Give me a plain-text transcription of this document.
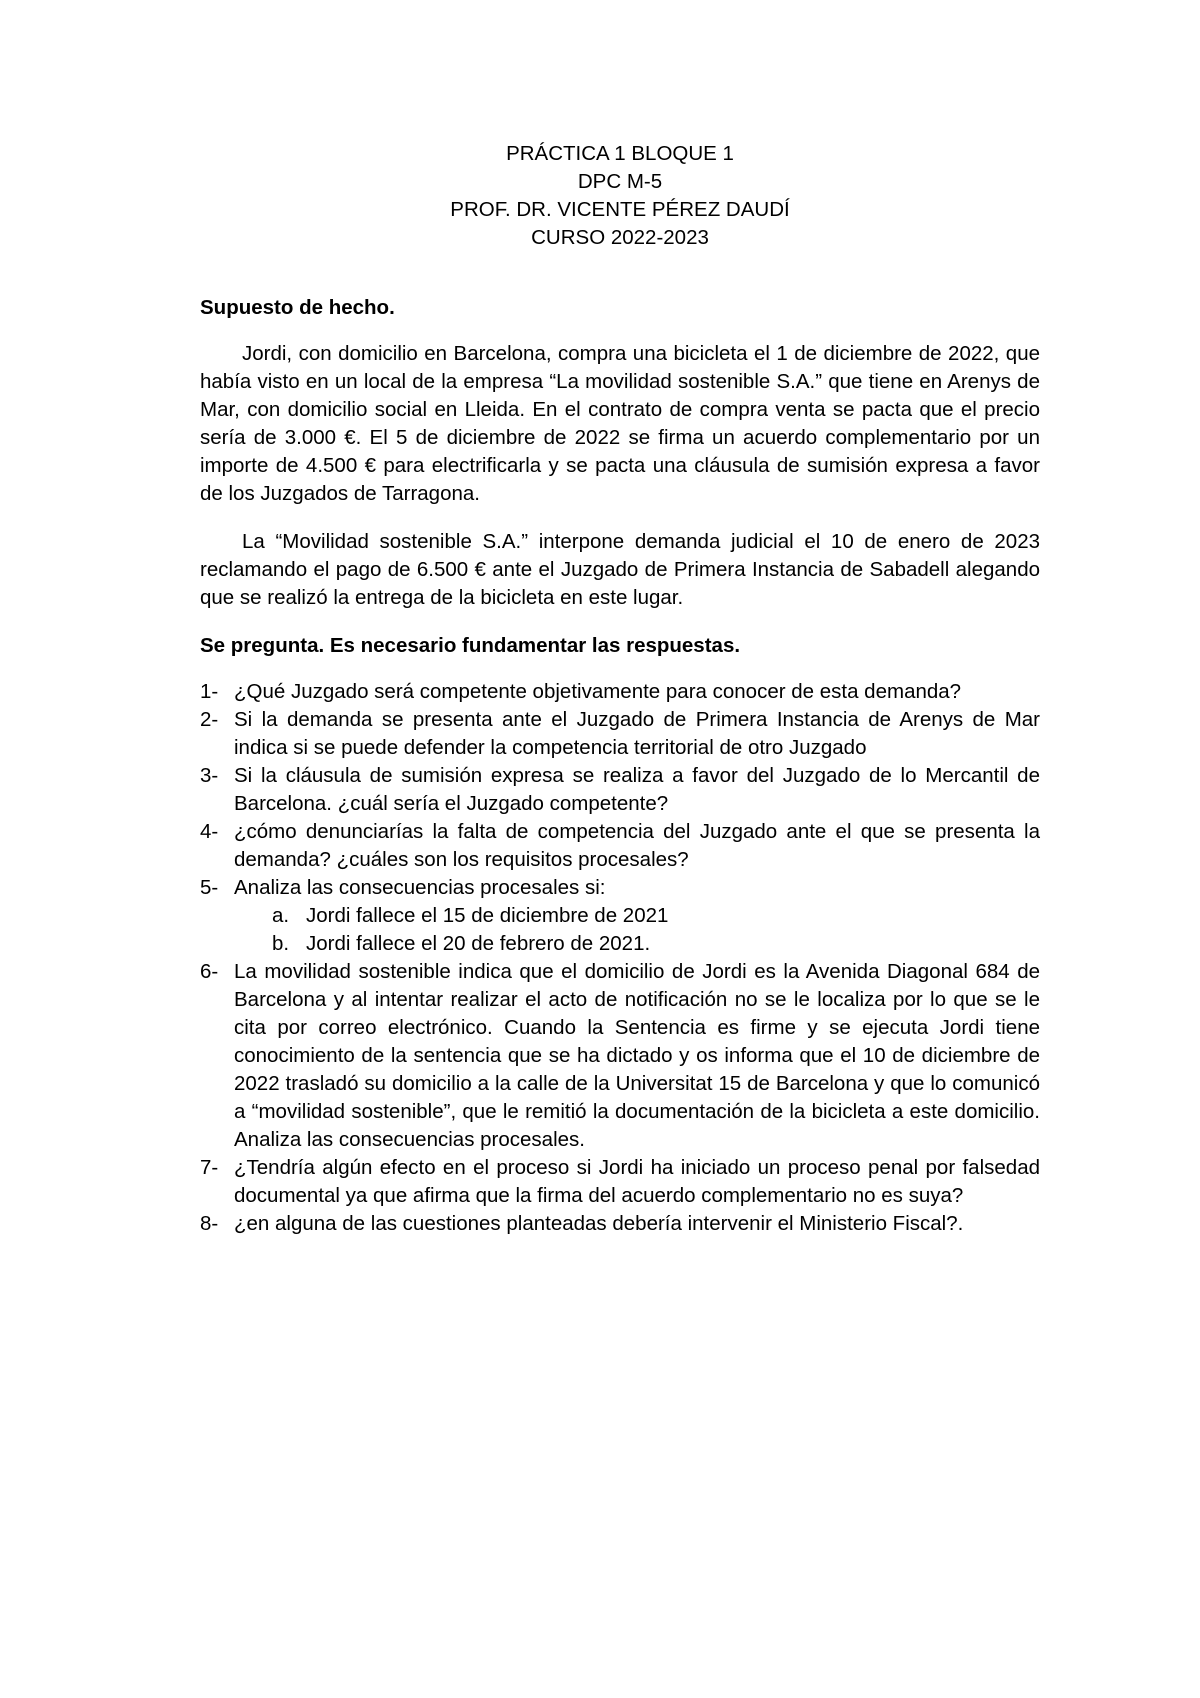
PRÁCTICA 1 BLOQUE 1
DPC M-5
PROF. DR. VICENTE PÉREZ DAUDÍ
CURSO 2022-2023

Supuesto de hecho.

Jordi, con domicilio en Barcelona, compra una bicicleta el 1 de diciembre de 2022, que había visto en un local de la empresa “La movilidad sostenible S.A.” que tiene en Arenys de Mar, con domicilio social en Lleida. En el contrato de compra venta se pacta que el precio sería de 3.000 €. El 5 de diciembre de 2022 se firma un acuerdo complementario por un importe de 4.500 € para electrificarla y se pacta una cláusula de sumisión expresa a favor de los Juzgados de Tarragona.

La “Movilidad sostenible S.A.” interpone demanda judicial el 10 de enero de 2023 reclamando el pago de 6.500 € ante el Juzgado de Primera Instancia de Sabadell alegando que se realizó la entrega de la bicicleta en este lugar.

Se pregunta. Es necesario fundamentar las respuestas.

1- ¿Qué Juzgado será competente objetivamente para conocer de esta demanda?
2- Si la demanda se presenta ante el Juzgado de Primera Instancia de Arenys de Mar indica si se puede defender la competencia territorial de otro Juzgado
3- Si la cláusula de sumisión expresa se realiza a favor del Juzgado de lo Mercantil de Barcelona. ¿cuál sería el Juzgado competente?
4- ¿cómo denunciarías la falta de competencia del Juzgado ante el que se presenta la demanda? ¿cuáles son los requisitos procesales?
5- Analiza las consecuencias procesales si:
a. Jordi fallece el 15 de diciembre de 2021
b. Jordi fallece el 20 de febrero de 2021.
6- La movilidad sostenible indica que el domicilio de Jordi es la Avenida Diagonal 684 de Barcelona y al intentar realizar el acto de notificación no se le localiza por lo que se le cita por correo electrónico. Cuando la Sentencia es firme y se ejecuta Jordi tiene conocimiento de la sentencia que se ha dictado y os informa que el 10 de diciembre de 2022 trasladó su domicilio a la calle de la Universitat 15 de Barcelona y que lo comunicó a “movilidad sostenible”, que le remitió la documentación de la bicicleta a este domicilio. Analiza las consecuencias procesales.
7- ¿Tendría algún efecto en el proceso si Jordi ha iniciado un proceso penal por falsedad documental ya que afirma que la firma del acuerdo complementario no es suya?
8- ¿en alguna de las cuestiones planteadas debería intervenir el Ministerio Fiscal?.
